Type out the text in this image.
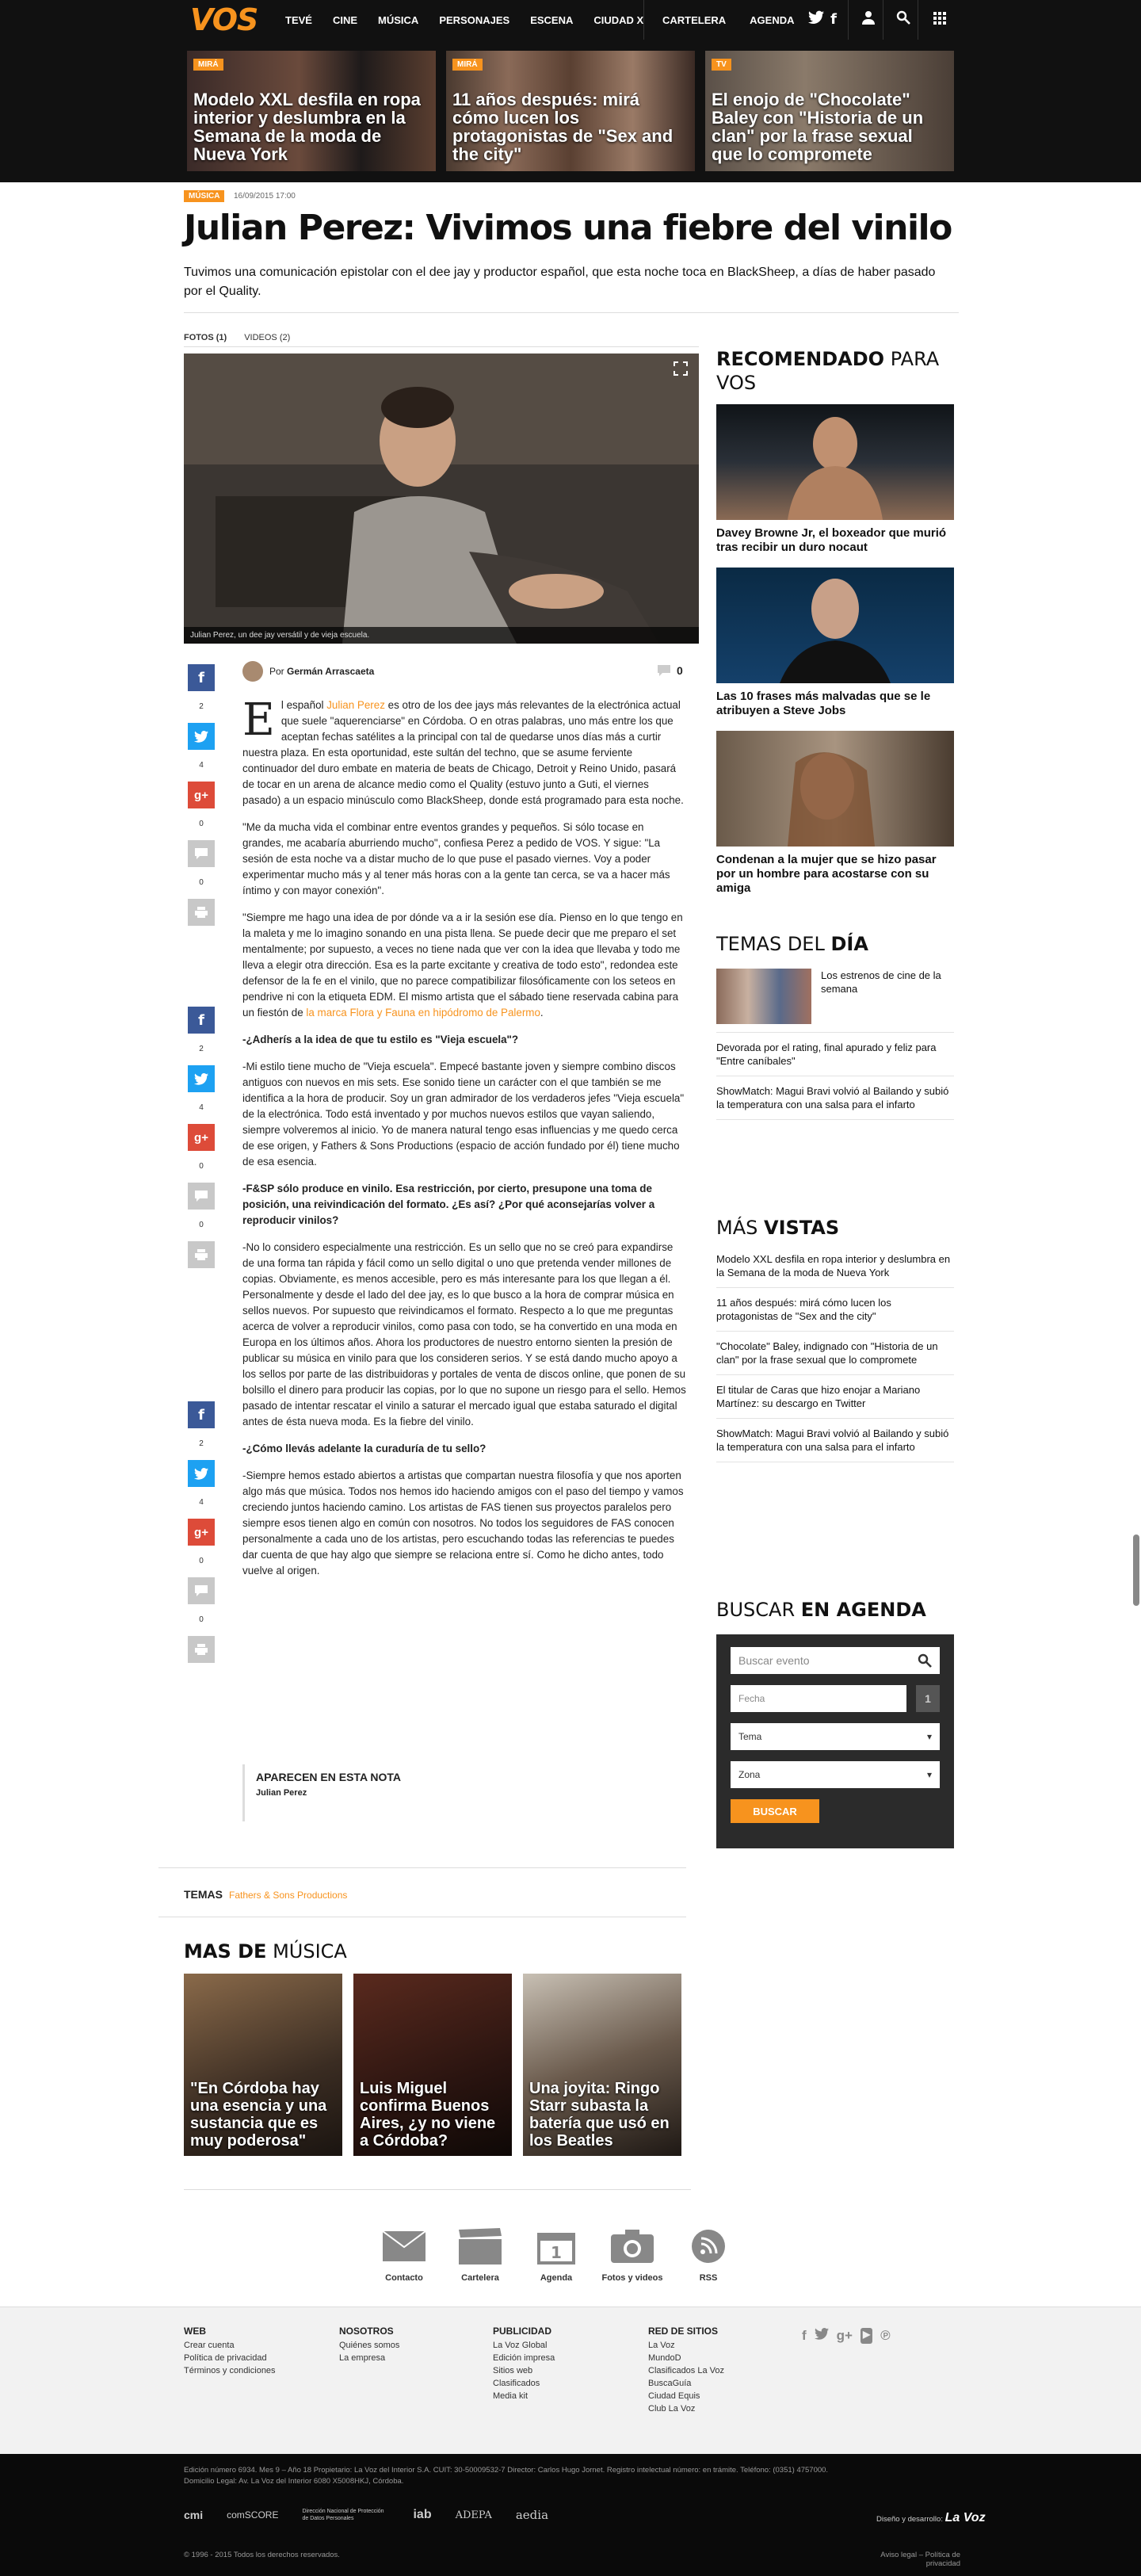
VOS	TEVÉ CINE MÚSICA PERSONAJES ESCENA CIUDAD X CARTELERA AGENDA	f
MIRÁ
Modelo XXL desfila en ropa interior y deslumbra en la Semana de la moda de Nueva York
MIRÁ
11 años después: mirá cómo lucen los protagonistas de "Sex and the city"
TV
El enojo de "Chocolate" Baley con "Historia de un clan" por la frase sexual que lo compromete
MÚSICA	16/09/2015 17:00
Julian Perez: Vivimos una fiebre del vinilo
Tuvimos una comunicación epistolar con el dee jay y productor español, que esta noche toca en BlackSheep, a días de haber pasado por el Quality.
FOTOS (1) VIDEOS (2)
Julian Perez, un dee jay versátil y de vieja escuela.
f
2
4
g+
0
0
f
2
4
g+
0
0
f
2
4
g+
0
0
Por
Germán Arrascaeta	0

El español Julian Perez es otro de los dee jays más relevantes de la electrónica actual que suele "aquerenciarse" en Córdoba. O en otras palabras, uno más entre los que aceptan fechas satélites a la principal con tal de quedarse unos días más a curtir nuestra plaza. En esta oportunidad, este sultán del techno, que se asume ferviente continuador del duro embate en materia de beats de Chicago, Detroit y Reino Unido, pasará de tocar en un arena de alcance medio como el Quality (estuvo junto a Guti, el viernes pasado) a un espacio minúsculo como BlackSheep, donde está programado para esta noche.

"Me da mucha vida el combinar entre eventos grandes y pequeños. Si sólo tocase en grandes, me acabaría aburriendo mucho", confiesa Perez a pedido de VOS. Y sigue: "La sesión de esta noche va a distar mucho de lo que puse el pasado viernes. Voy a poder experimentar mucho más y al tener más horas con a la gente tan cerca, se va a hacer más íntimo y con mayor conexión".

"Siempre me hago una idea de por dónde va a ir la sesión ese día. Pienso en lo que tengo en la maleta y me lo imagino sonando en una pista llena. Se puede decir que me preparo el set mentalmente; por supuesto, a veces no tiene nada que ver con la idea que llevaba y todo me lleva a elegir otra dirección. Esa es la parte excitante y creativa de todo esto", redondea este defensor de la fe en el vinilo, que no parece compatibilizar filosóficamente con los seteos en pendrive ni con la etiqueta EDM. El mismo artista que el sábado tiene reservada cabina para un fiestón de la marca Flora y Fauna en hipódromo de Palermo.

-¿Adherís a la idea de que tu estilo es "Vieja escuela"?

-Mi estilo tiene mucho de "Vieja escuela". Empecé bastante joven y siempre combino discos antiguos con nuevos en mis sets. Ese sonido tiene un carácter con el que también se me identifica a la hora de producir. Soy un gran admirador de los verdaderos jefes "Vieja escuela" de la electrónica. Todo está inventado y por muchos nuevos estilos que vayan saliendo, siempre volveremos al inicio. Yo de manera natural tengo esas influencias y me quedo cerca de ese origen, y Fathers & Sons Productions (espacio de acción fundado por él) tiene mucho de esa esencia.

-F&SP sólo produce en vinilo. Esa restricción, por cierto, presupone una toma de posición, una reivindicación del formato. ¿Es así? ¿Por qué aconsejarías volver a reproducir vinilos?

-No lo considero especialmente una restricción. Es un sello que no se creó para expandirse de una forma tan rápida y fácil como un sello digital o uno que pretenda vender millones de copias. Obviamente, es menos accesible, pero es más interesante para los que llegan a él. Personalmente y desde el lado del dee jay, es lo que busco a la hora de comprar música en sellos nuevos. Por supuesto que reivindicamos el formato. Respecto a lo que me preguntas acerca de volver a reproducir vinilos, como pasa con todo, se ha convertido en una moda en Europa en los últimos años. Ahora los productores de nuestro entorno sienten la presión de publicar su música en vinilo para que los consideren serios. Y se está dando mucho apoyo a los sellos por parte de las distribuidoras y portales de venta de discos online, que ponen de su bolsillo el dinero para producir las copias, por lo que no supone un riesgo para el sello. Hemos pasado de intentar rescatar el vinilo a saturar el mercado igual que estaba saturado el digital antes de ésta nueva moda. Es la fiebre del vinilo.

-¿Cómo llevás adelante la curaduría de tu sello?

-Siempre hemos estado abiertos a artistas que compartan nuestra filosofía y que nos aporten algo más que música. Todos nos hemos ido haciendo amigos con el paso del tiempo y vamos creciendo juntos haciendo camino. Los artistas de FAS tienen sus proyectos paralelos pero siempre esos tienen algo en común con nosotros. No todos los seguidores de FAS conocen personalmente a cada uno de los artistas, pero escuchando todas las referencias te puedes dar cuenta de que hay algo que siempre se relaciona entre sí. Como he dicho antes, todo vuelve al origen.

APARECEN EN ESTA NOTA
Julian Perez
TEMAS Fathers & Sons Productions
MAS DE MÚSICA
"En Córdoba hay una esencia y una sustancia que es muy poderosa"
Luis Miguel confirma Buenos Aires, ¿y no viene a Córdoba?
Una joyita: Ringo Starr subasta la batería que usó en los Beatles
RECOMENDADO PARA VOS
Davey Browne Jr, el boxeador que murió tras recibir un duro nocaut
Las 10 frases más malvadas que se le atribuyen a Steve Jobs
Condenan a la mujer que se hizo pasar por un hombre para acostarse con su amiga
TEMAS DEL DÍA
Los estrenos de cine de la semana

Devorada por el rating, final apurado y feliz para "Entre caníbales"

ShowMatch: Magui Bravi volvió al Bailando y subió la temperatura con una salsa para el infarto

MÁS VISTAS

Modelo XXL desfila en ropa interior y deslumbra en la Semana de la moda de Nueva York

11 años después: mirá cómo lucen los protagonistas de "Sex and the city"

"Chocolate" Baley, indignado con "Historia de un clan" por la frase sexual que lo compromete

El titular de Caras que hizo enojar a Mariano Martínez: su descargo en Twitter

ShowMatch: Magui Bravi volvió al Bailando y subió la temperatura con una salsa para el infarto

BUSCAR EN AGENDA
Buscar evento
Fecha	1
Tema	▾
Zona	▾
BUSCAR
Contacto	Cartelera
1
Agenda	Fotos y videos	RSS
WEB
Crear cuenta
Política de privacidad
Términos y condiciones
NOSOTROS
Quiénes somos
La empresa
PUBLICIDAD
La Voz Global
Edición impresa
Sitios web
Clasificados
Media kit
RED DE SITIOS
La Voz
MundoD
Clasificados La Voz
BuscaGuía
Ciudad Equis
Club La Voz
f g+ ▶ ℗
Edición número 6934. Mes 9 – Año 18 Propietario: La Voz del Interior S.A. CUIT: 30-50009532-7 Director: Carlos Hugo Jornet. Registro intelectual número: en trámite. Teléfono: (0351) 4757000.
Domicilio Legal: Av. La Voz del Interior 6080 X5008HKJ, Córdoba.
cmi	comSCORE	Dirección Nacional de Protección de Datos Personales	iab ADEPA aedia	Diseño y desarrollo: La Voz
© 1996 - 2015 Todos los derechos reservados.	Aviso legal – Política de privacidad
